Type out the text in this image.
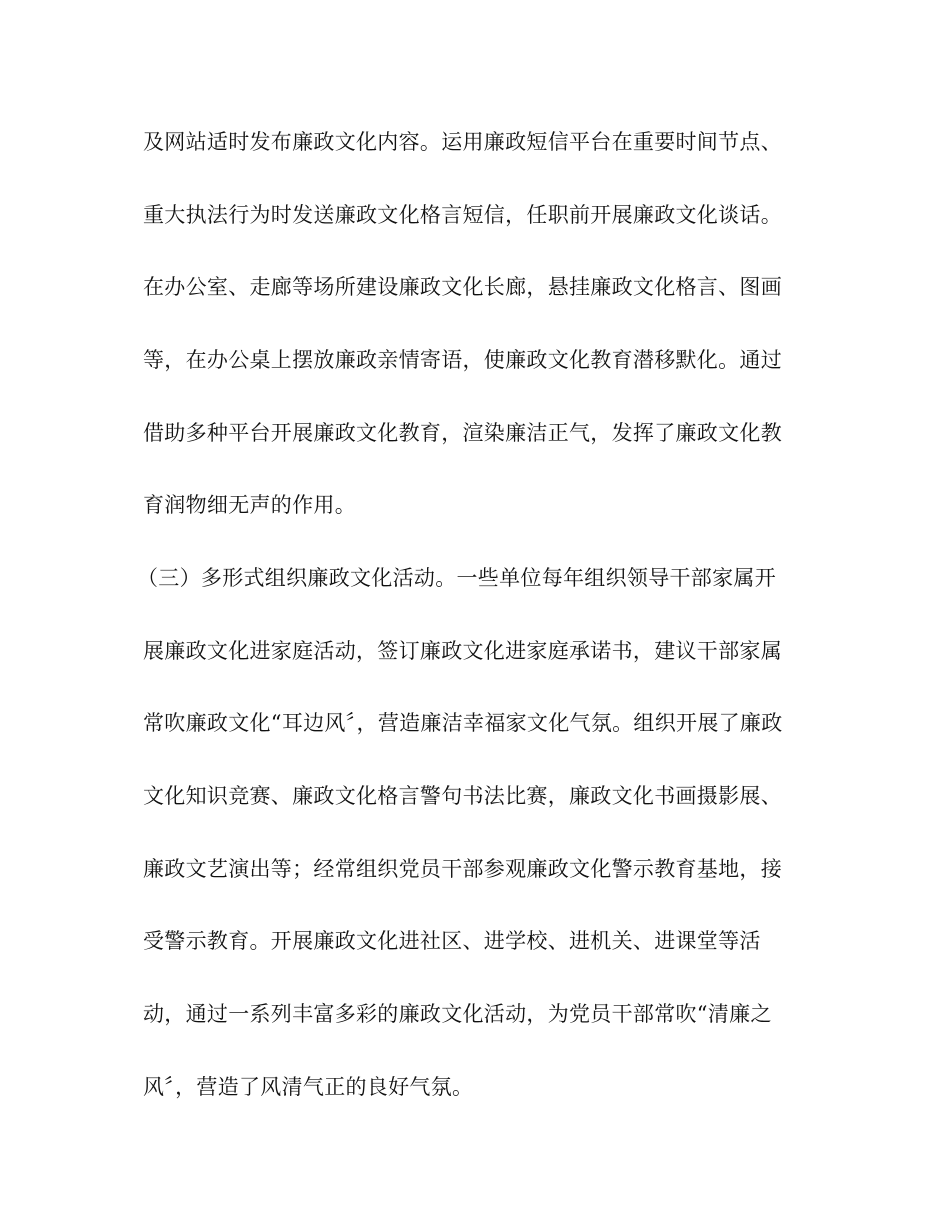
及网站适时发布廉政文化内容。运用廉政短信平台在重要时间节点、
重大执法行为时发送廉政文化格言短信，任职前开展廉政文化谈话。
在办公室、走廊等场所建设廉政文化长廊，悬挂廉政文化格言、图画
等，在办公桌上摆放廉政亲情寄语，使廉政文化教育潜移默化。通过
借助多种平台开展廉政文化教育，渲染廉洁正气，发挥了廉政文化教
育润物细无声的作用。
（三）多形式组织廉政文化活动。一些单位每年组织领导干部家属开
展廉政文化进家庭活动，签订廉政文化进家庭承诺书，建议干部家属
常吹廉政文化“耳边风〞，营造廉洁幸福家文化气氛。组织开展了廉政
文化知识竞赛、廉政文化格言警句书法比赛，廉政文化书画摄影展、
廉政文艺演出等；经常组织党员干部参观廉政文化警示教育基地，接
受警示教育。开展廉政文化进社区、进学校、进机关、进课堂等活
动，通过一系列丰富多彩的廉政文化活动，为党员干部常吹“清廉之
风〞，营造了风清气正的良好气氛。
